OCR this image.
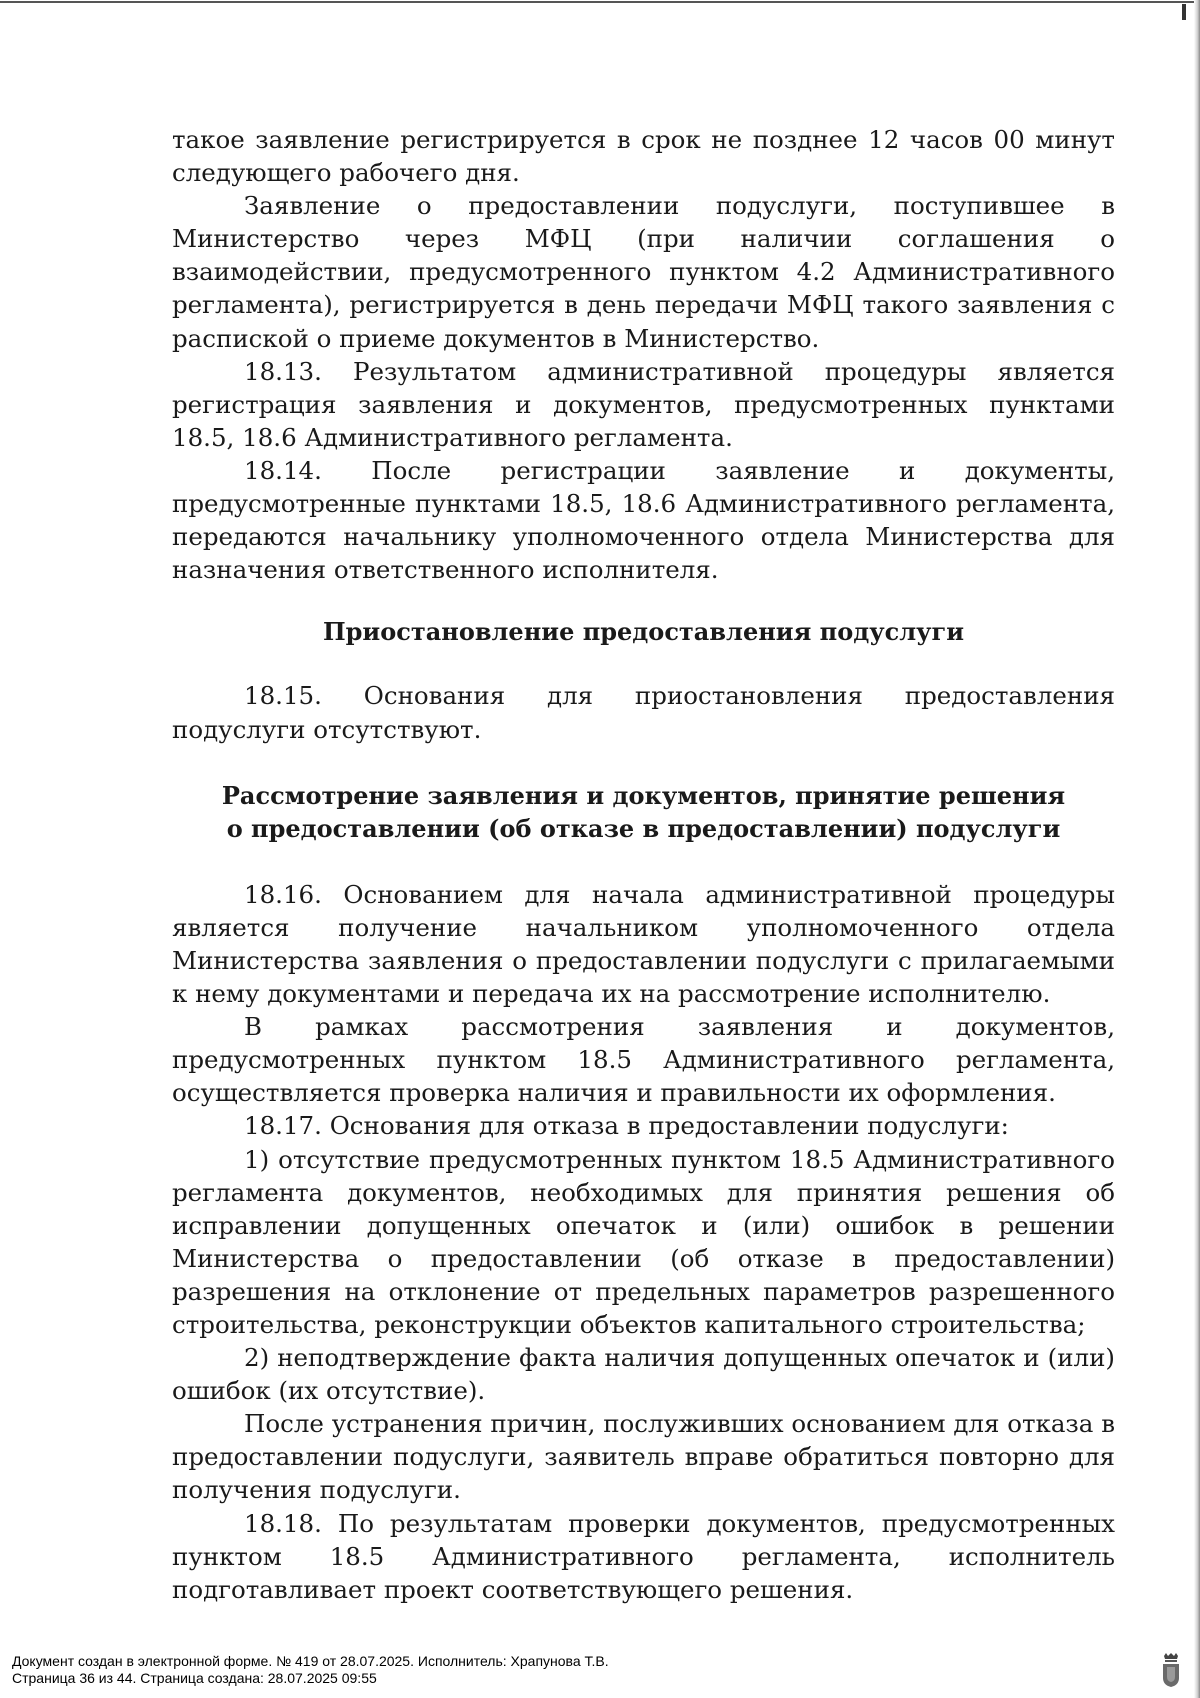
такое заявление регистрируется в срок не позднее 12 часов 00 минут следующего рабочего дня.

Заявление о предоставлении подуслуги, поступившее в Министерство через МФЦ (при наличии соглашения о взаимодействии, предусмотренного пунктом 4.2 Административного регламента), регистрируется в день передачи МФЦ такого заявления с распиской о приеме документов в Министерство.

18.13. Результатом административной процедуры является регистрация заявления и документов, предусмотренных пунктами 18.5, 18.6 Административного регламента.

18.14. После регистрации заявление и документы, предусмотренные пунктами 18.5, 18.6 Административного регламента, передаются начальнику уполномоченного отдела Министерства для назначения ответственного исполнителя.

Приостановление предоставления подуслуги

18.15. Основания для приостановления предоставления подуслуги отсутствуют.

Рассмотрение заявления и документов, принятие решения
о предоставлении (об отказе в предоставлении) подуслуги

18.16. Основанием для начала административной процедуры является получение начальником уполномоченного отдела Министерства заявления о предоставлении подуслуги с прилагаемыми к нему документами и передача их на рассмотрение исполнителю.

В рамках рассмотрения заявления и документов, предусмотренных пунктом 18.5 Административного регламента, осуществляется проверка наличия и правильности их оформления.

18.17. Основания для отказа в предоставлении подуслуги:

1) отсутствие предусмотренных пунктом 18.5 Административного регламента документов, необходимых для принятия решения об исправлении допущенных опечаток и (или) ошибок в решении Министерства о предоставлении (об отказе в предоставлении) разрешения на отклонение от предельных параметров разрешенного строительства, реконструкции объектов капитального строительства;

2) неподтверждение факта наличия допущенных опечаток и (или) ошибок (их отсутствие).

После устранения причин, послуживших основанием для отказа в предоставлении подуслуги, заявитель вправе обратиться повторно для получения подуслуги.

18.18. По результатам проверки документов, предусмотренных пунктом 18.5 Административного регламента, исполнитель подготавливает проект соответствующего решения.

Документ создан в электронной форме. № 419 от 28.07.2025. Исполнитель: Храпунова Т.В.
Страница 36 из 44. Страница создана: 28.07.2025 09:55
